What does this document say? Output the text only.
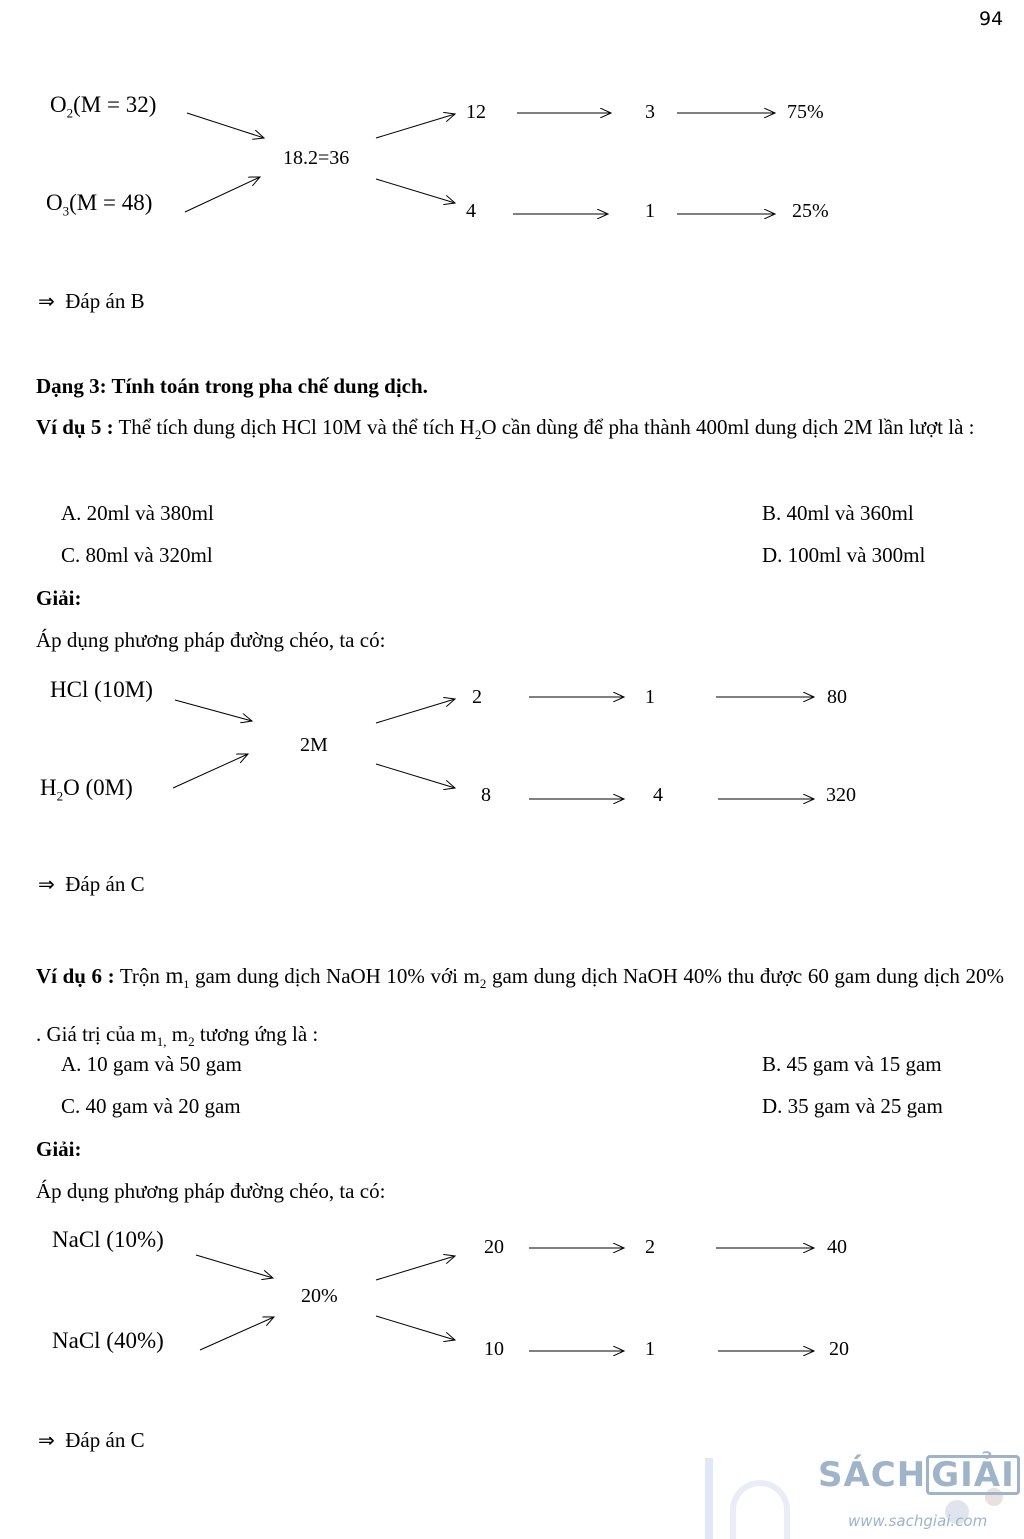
94
$O_2(M = 32)$
$O_3(M = 48)$
18.2=36
12	3	75%
4	1	25%
⇒ Đáp án B
Dạng 3: Tính toán trong pha chế dung dịch.
Ví dụ 5 : Thể tích dung dịch HCl 10M và thể tích $H_2O$ cần dùng để pha thành 400ml dung dịch 2M lần lượt là :
A. 20ml và 380ml	B. 40ml và 360ml
C. 80ml và 320ml	D. 100ml và 300ml
Giải:
Áp dụng phương pháp đường chéo, ta có:
HCl (10M)
$H_2O$ (0M)
2M
2	1	80
8	4	320
⇒ Đáp án C
Ví dụ 6 : Trộn $m_1$ gam dung dịch NaOH 10% với $m_2$ gam dung dịch NaOH 40% thu được 60 gam dung dịch 20% . Giá trị của $m_{1,}$ $m_2$ tương ứng là :
A. 10 gam và 50 gam	B. 45 gam và 15 gam
C. 40 gam và 20 gam	D. 35 gam và 25 gam
Giải:
Áp dụng phương pháp đường chéo, ta có:
NaCl (10%)
NaCl (40%)
20%
20	2	40
10	1	20
⇒ Đáp án C
SÁCH GIẢI
www.sachgiai.com
